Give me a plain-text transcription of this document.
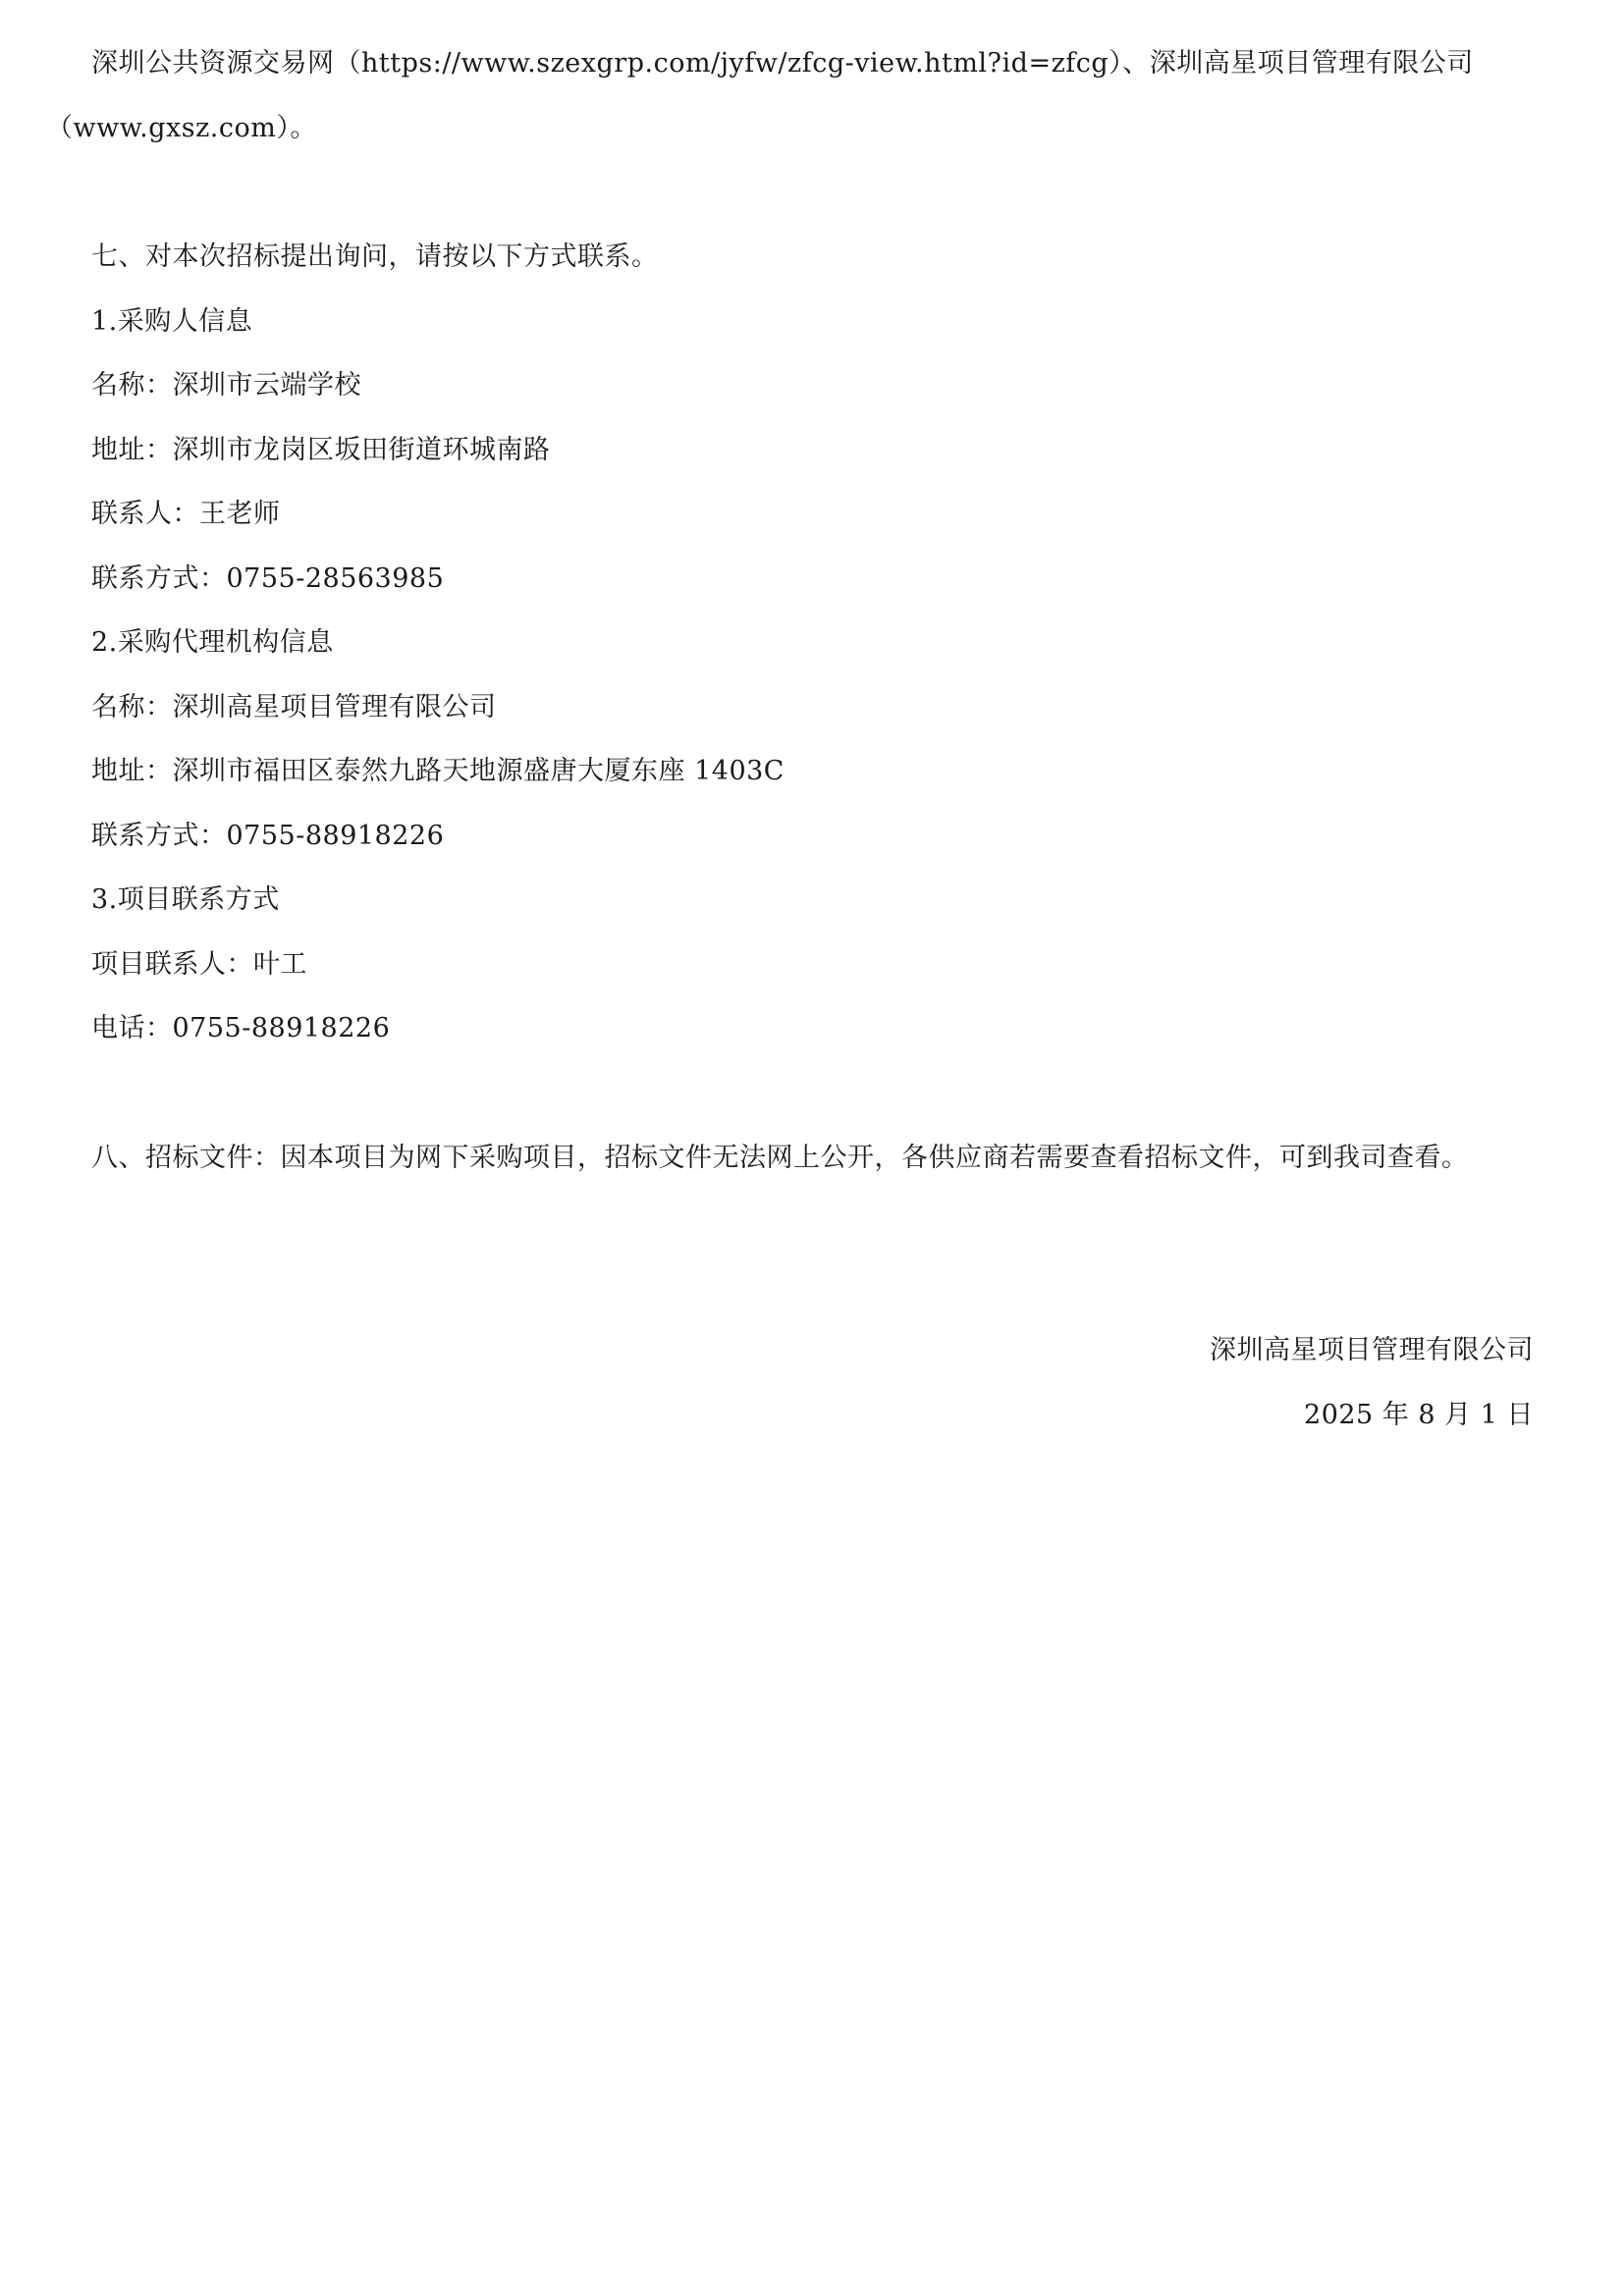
深圳公共资源交易网（https://www.szexgrp.com/jyfw/zfcg-view.html?id=zfcg）、深圳高星项目管理有限公司
（www.gxsz.com）。
七、对本次招标提出询问，请按以下方式联系。
1.采购人信息
名称：深圳市云端学校
地址：深圳市龙岗区坂田街道环城南路
联系人：王老师
联系方式：0755-28563985
2.采购代理机构信息
名称：深圳高星项目管理有限公司
地址：深圳市福田区泰然九路天地源盛唐大厦东座 1403C
联系方式：0755-88918226
3.项目联系方式
项目联系人：叶工
电话：0755-88918226
八、招标文件：因本项目为网下采购项目，招标文件无法网上公开，各供应商若需要查看招标文件，可到我司查看。
深圳高星项目管理有限公司
2025 年 8 月 1 日
